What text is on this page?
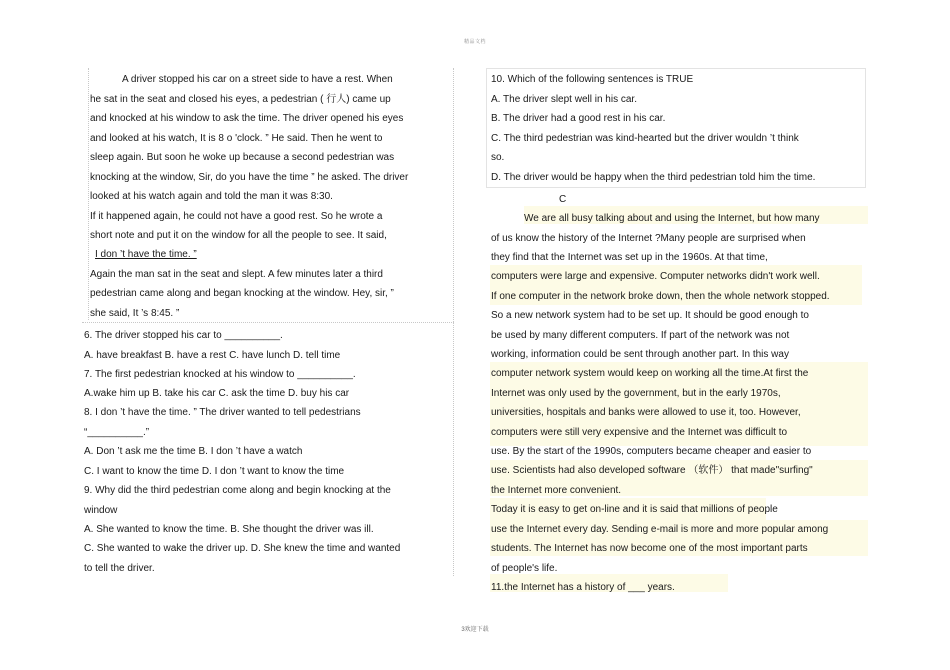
精品文档
A driver stopped his car on a street side to have a rest. When
he sat in the seat and closed his eyes, a pedestrian ( 行人) came up
and knocked at his window to ask the time. The driver opened his eyes
and looked at his watch, It is 8 o 'clock. ” He said. Then he went to
sleep again. But soon he woke up because a second pedestrian was
knocking at the window, Sir, do you have the time ” he asked. The driver
looked at his watch again and told the man it was 8:30.
If it happened again, he could not have a good rest. So he wrote a
short note and put it on the window for all the people to see. It said,
I don ’t have the time. ”
Again the man sat in the seat and slept. A few minutes later a third
pedestrian came along and began knocking at the window. Hey, sir, ”
she said, It ’s 8:45. ”
6. The driver stopped his car to __________.
A. have breakfast B. have a rest C. have lunch D. tell time
7. The first pedestrian knocked at his window to __________.
A.wake him up B. take his car C. ask the time D. buy his car
8. I don ’t have the time. ” The driver wanted to tell pedestrians
“__________.”
A. Don ’t ask me the time B. I don ’t have a watch
C. I want to know the time D. I don ’t want to know the time
9. Why did the third pedestrian come along and begin knocking at the
window
A. She wanted to know the time. B. She thought the driver was ill.
C. She wanted to wake the driver up. D. She knew the time and wanted
to tell the driver.
10. Which of the following sentences is TRUE
A. The driver slept well in his car.
B. The driver had a good rest in his car.
C. The third pedestrian was kind-hearted but the driver wouldn ’t think
so.
D. The driver would be happy when the third pedestrian told him the time.
C
We are all busy talking about and using the Internet, but how many
of us know the history of the Internet ?Many people are surprised when
they find that the Internet was set up in the 1960s. At that time,
computers were large and expensive. Computer networks didn't work well.
If one computer in the network broke down, then the whole network stopped.
So a new network system had to be set up. It should be good enough to
be used by many different computers. If part of the network was not
working, information could be sent through another part. In this way
computer network system would keep on working all the time.At first the
Internet was only used by the government, but in the early 1970s,
universities, hospitals and banks were allowed to use it, too. However,
computers were still very expensive and the Internet was difficult to
use. By the start of the 1990s, computers became cheaper and easier to
use. Scientists had also developed software （软件） that made"surfing"
the Internet more convenient.
Today it is easy to get on-line and it is said that millions of people
use the Internet every day. Sending e-mail is more and more popular among
students. The Internet has now become one of the most important parts
of people's life.
11.the Internet has a history of ___ years.
3欢迎下载
